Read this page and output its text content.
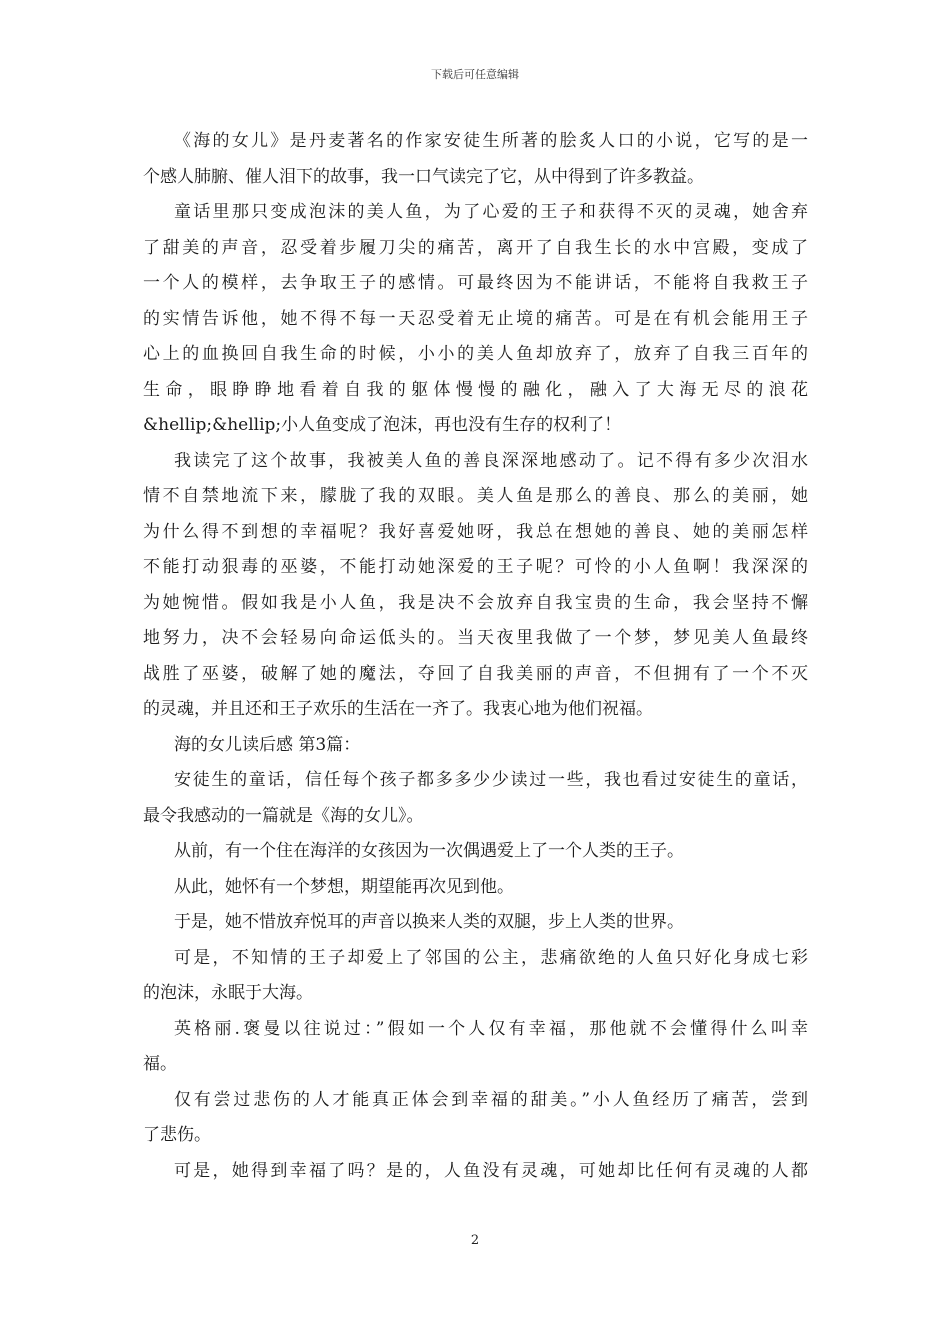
下载后可任意编辑
《海的女儿》是丹麦著名的作家安徒生所著的脍炙人口的小说，它写的是一
个感人肺腑、催人泪下的故事，我一口气读完了它，从中得到了许多教益。
童话里那只变成泡沫的美人鱼，为了心爱的王子和获得不灭的灵魂，她舍弃
了甜美的声音，忍受着步履刀尖的痛苦，离开了自我生长的水中宫殿，变成了
一个人的模样，去争取王子的感情。可最终因为不能讲话，不能将自我救王子
的实情告诉他，她不得不每一天忍受着无止境的痛苦。可是在有机会能用王子
心上的血换回自我生命的时候，小小的美人鱼却放弃了，放弃了自我三百年的
生命，眼睁睁地看着自我的躯体慢慢的融化，融入了大海无尽的浪花
&hellip;&hellip;小人鱼变成了泡沫，再也没有生存的权利了！
我读完了这个故事，我被美人鱼的善良深深地感动了。记不得有多少次泪水
情不自禁地流下来，朦胧了我的双眼。美人鱼是那么的善良、那么的美丽，她
为什么得不到想的幸福呢？我好喜爱她呀，我总在想她的善良、她的美丽怎样
不能打动狠毒的巫婆，不能打动她深爱的王子呢？可怜的小人鱼啊！我深深的
为她惋惜。假如我是小人鱼，我是决不会放弃自我宝贵的生命，我会坚持不懈
地努力，决不会轻易向命运低头的。当天夜里我做了一个梦，梦见美人鱼最终
战胜了巫婆，破解了她的魔法，夺回了自我美丽的声音，不但拥有了一个不灭
的灵魂，并且还和王子欢乐的生活在一齐了。我衷心地为他们祝福。
海的女儿读后感 第3篇：
安徒生的童话，信任每个孩子都多多少少读过一些，我也看过安徒生的童话，
最令我感动的一篇就是《海的女儿》。
从前，有一个住在海洋的女孩因为一次偶遇爱上了一个人类的王子。
从此，她怀有一个梦想，期望能再次见到他。
于是，她不惜放弃悦耳的声音以换来人类的双腿，步上人类的世界。
可是，不知情的王子却爱上了邻国的公主，悲痛欲绝的人鱼只好化身成七彩
的泡沫，永眠于大海。
英格丽.褒曼以往说过：”假如一个人仅有幸福，那他就不会懂得什么叫幸
福。
仅有尝过悲伤的人才能真正体会到幸福的甜美。”小人鱼经历了痛苦，尝到
了悲伤。
可是，她得到幸福了吗？是的，人鱼没有灵魂，可她却比任何有灵魂的人都
2
